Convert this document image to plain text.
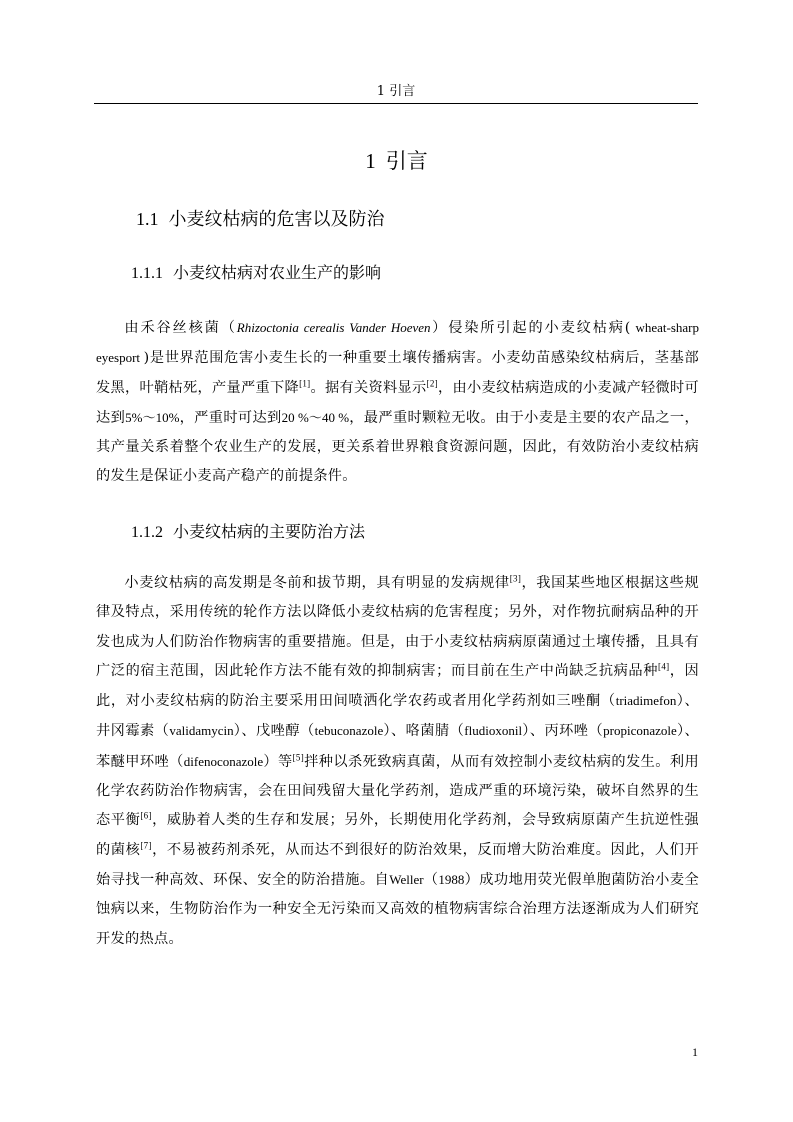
1 引言
1 引言
1.1 小麦纹枯病的危害以及防治
1.1.1 小麦纹枯病对农业生产的影响

由禾谷丝核菌（Rhizoctonia cerealis Vander Hoeven）侵染所引起的小麦纹枯病( wheat-sharp eyesport )是世界范围危害小麦生长的一种重要土壤传播病害。小麦幼苗感染纹枯病后，茎基部发黑，叶鞘枯死，产量严重下降[1]。据有关资料显示[2]，由小麦纹枯病造成的小麦减产轻微时可达到5%～10%，严重时可达到20 %～40 %，最严重时颗粒无收。由于小麦是主要的农产品之一，其产量关系着整个农业生产的发展，更关系着世界粮食资源问题，因此，有效防治小麦纹枯病的发生是保证小麦高产稳产的前提条件。

1.1.2 小麦纹枯病的主要防治方法

小麦纹枯病的高发期是冬前和拔节期，具有明显的发病规律[3]，我国某些地区根据这些规律及特点，采用传统的轮作方法以降低小麦纹枯病的危害程度；另外，对作物抗耐病品种的开发也成为人们防治作物病害的重要措施。但是，由于小麦纹枯病病原菌通过土壤传播，且具有广泛的宿主范围，因此轮作方法不能有效的抑制病害；而目前在生产中尚缺乏抗病品种[4]，因此，对小麦纹枯病的防治主要采用田间喷洒化学农药或者用化学药剂如三唑酮（triadimefon）、井冈霉素（validamycin）、戊唑醇（tebuconazole）、咯菌腈（fludioxonil）、丙环唑（propiconazole）、苯醚甲环唑（difenoconazole）等[5]拌种以杀死致病真菌，从而有效控制小麦纹枯病的发生。利用化学农药防治作物病害，会在田间残留大量化学药剂，造成严重的环境污染，破坏自然界的生态平衡[6]，威胁着人类的生存和发展；另外，长期使用化学药剂，会导致病原菌产生抗逆性强的菌核[7]，不易被药剂杀死，从而达不到很好的防治效果，反而增大防治难度。因此，人们开始寻找一种高效、环保、安全的防治措施。自Weller（1988）成功地用荧光假单胞菌防治小麦全蚀病以来，生物防治作为一种安全无污染而又高效的植物病害综合治理方法逐渐成为人们研究开发的热点。

1
